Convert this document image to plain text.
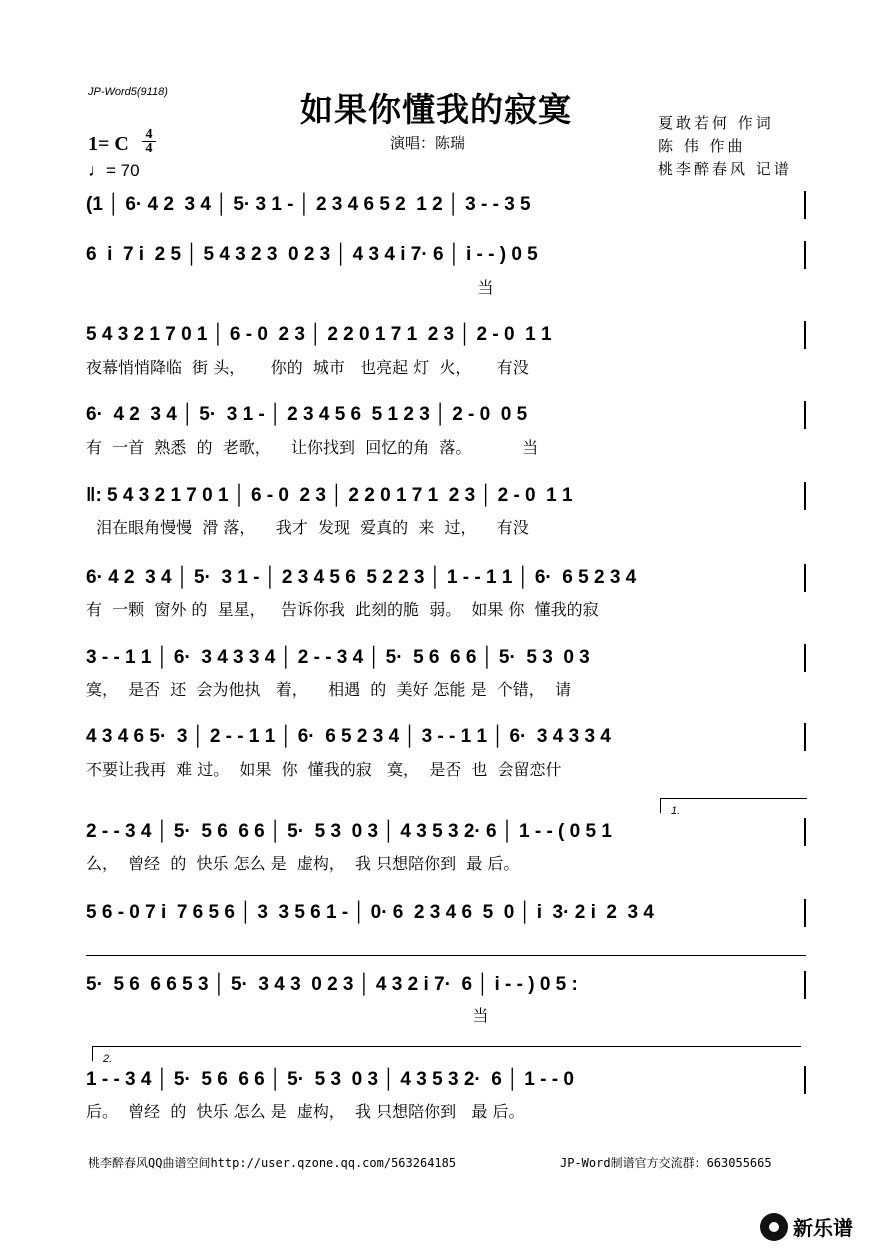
JP-Word5(9118)	如果你懂我的寂寞
演唱：陈瑞
夏敢若何 作词
陈 伟 作曲
桃李醉春风 记谱
1= C $\frac{4}{4}$
♩= 70
(1 │ 6· 4 2  3 4 │ 5· 3 1 - │ 2 3 4 6 5 2  1 2 │ 3 - - 3 5
6  i  7 i  2 5 │ 5 4 3 2 3  0 2 3 │ 4 3 4 i 7· 6 │ i - - ) 0 5
当
5 4 3 2 1 7 0 1 │ 6 - 0  2 3 │ 2 2 0 1 7 1  2 3 │ 2 - 0  1 1
夜幕悄悄降临  街 头，     你的  城市   也亮起 灯  火，     有没
6·  4 2  3 4 │ 5·  3 1 - │ 2 3 4 5 6  5 1 2 3 │ 2 - 0  0 5
有  一首  熟悉  的  老歌，    让你找到  回忆的角  落。          当
‖: 5 4 3 2 1 7 0 1 │ 6 - 0  2 3 │ 2 2 0 1 7 1  2 3 │ 2 - 0  1 1
泪在眼角慢慢  滑 落，    我才  发现  爱真的  来  过，    有没
6· 4 2  3 4 │ 5·  3 1 - │ 2 3 4 5 6  5 2 2 3 │ 1 - - 1 1 │ 6·  6 5 2 3 4
有  一颗  窗外 的  星星，   告诉你我  此刻的脆  弱。  如果 你  懂我的寂
3 - - 1 1 │ 6·  3 4 3 3 4 │ 2 - - 3 4 │ 5·  5 6  6 6 │ 5·  5 3  0 3
寞，  是否  还  会为他执   着，    相遇  的  美好 怎能 是  个错，  请
4 3 4 6 5·  3 │ 2 - - 1 1 │ 6·  6 5 2 3 4 │ 3 - - 1 1 │ 6·  3 4 3 3 4
不要让我再  难 过。  如果  你  懂我的寂   寞，  是否  也  会留恋什
1.
2 - - 3 4 │ 5·  5 6  6 6 │ 5·  5 3  0 3 │ 4 3 5 3 2· 6 │ 1 - - ( 0 5 1
么，  曾经  的  快乐 怎么 是  虚构，  我 只想陪你到  最 后。
5 6 - 0 7 i  7 6 5 6 │ 3  3 5 6 1 - │ 0· 6  2 3 4 6  5  0 │ i  3· 2 i  2  3 4
5·  5 6  6 6 5 3 │ 5·  3 4 3  0 2 3 │ 4 3 2 i 7·  6 │ i - - ) 0 5 :
当
2.
1 - - 3 4 │ 5·  5 6  6 6 │ 5·  5 3  0 3 │ 4 3 5 3 2·  6 │ 1 - - 0
后。  曾经  的  快乐 怎么 是  虚构，  我 只想陪你到   最 后。
桃李醉春风QQ曲谱空间http://user.qzone.qq.com/563264185	JP-Word制谱官方交流群：663055665
新乐谱
